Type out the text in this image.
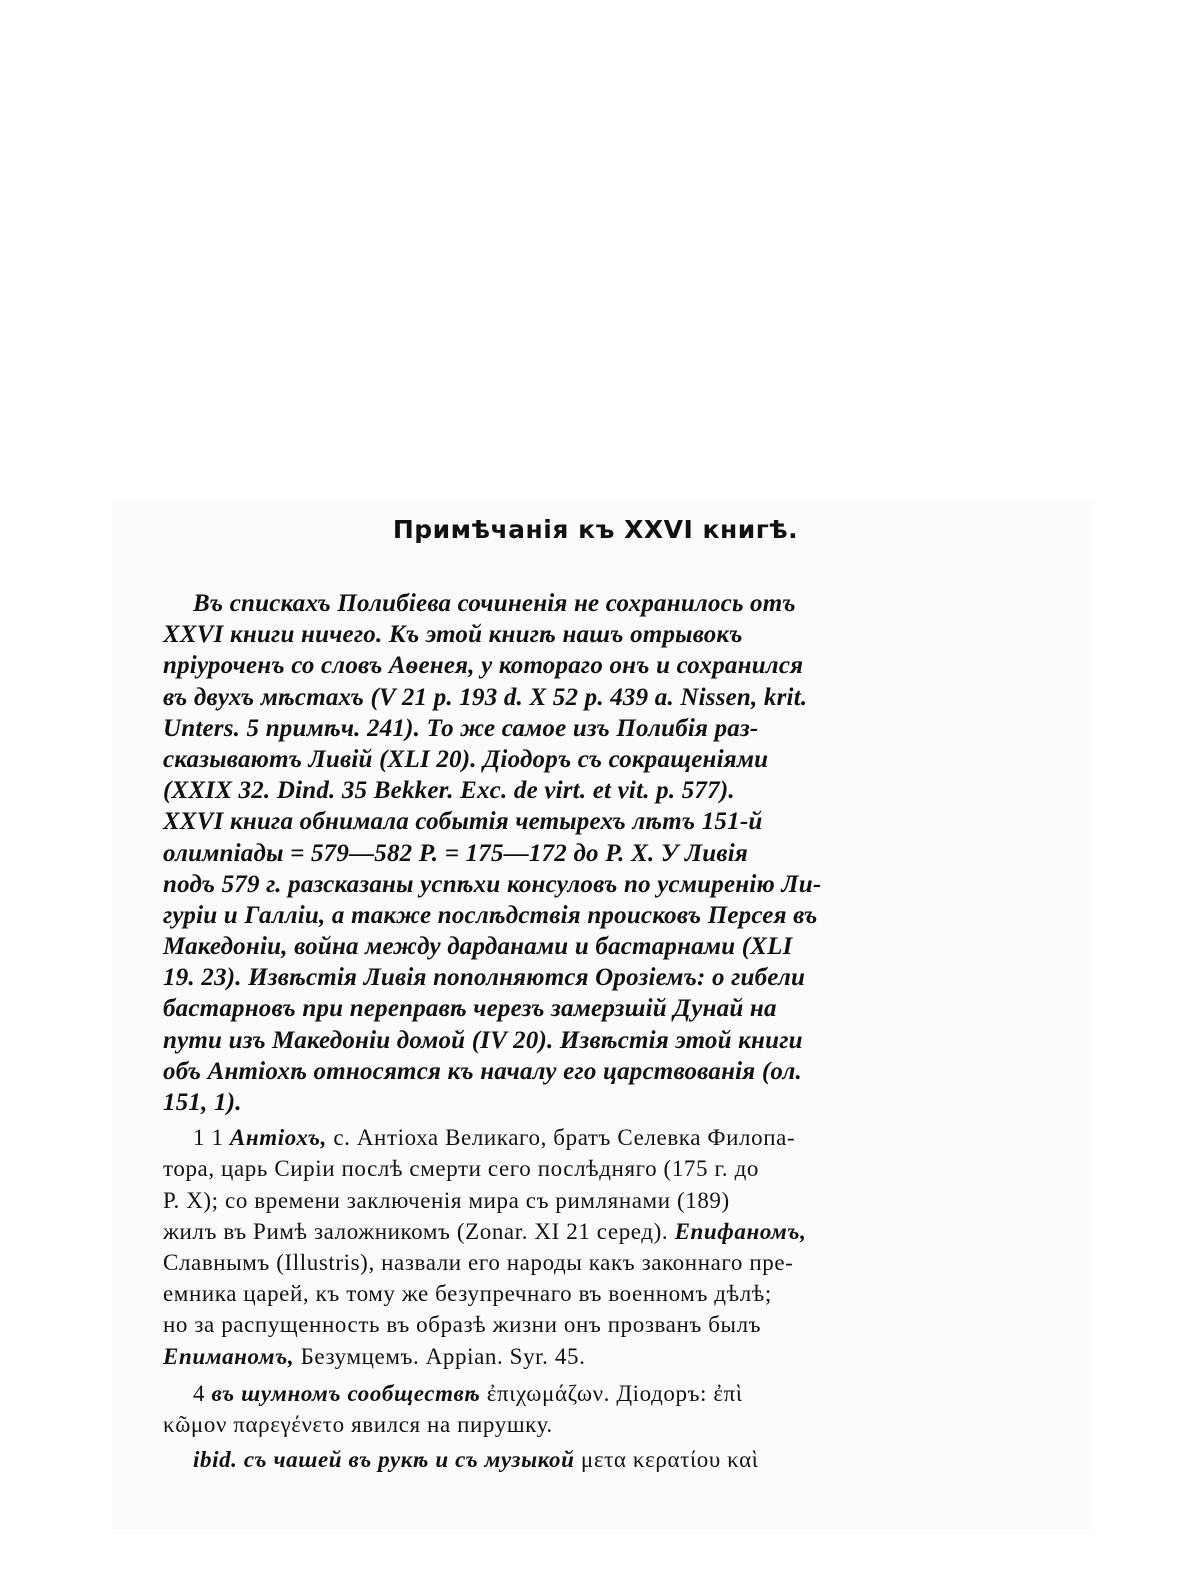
Примѣчанія къ XXVI книгѣ.
Въ спискахъ Полибіева сочиненія не сохранилось отъ
XXVI книги ничего. Къ этой книгѣ нашъ отрывокъ
пріуроченъ со словъ Аѳенея, у котораго онъ и сохранился
въ двухъ мѣстахъ (V 21 p. 193 d. X 52 p. 439 a. Nissen, krit.
Unters. 5 примѣч. 241). То же самое изъ Полибія раз-
сказываютъ Ливій (XLI 20). Діодоръ съ сокращеніями
(XXIX 32. Dind. 35 Bekker. Exc. de virt. et vit. p. 577).
XXVI книга обнимала событія четырехъ лѣтъ 151-й
олимпіады = 579—582 Р. = 175—172 до Р. Х. У Ливія
подъ 579 г. разсказаны успѣхи консуловъ по усмиренію Ли-
гуріи и Галліи, а также послѣдствія происковъ Персея въ
Македоніи, война между дарданами и бастарнами (XLI
19. 23). Извѣстія Ливія пополняются Орозіемъ: о гибели
бастарновъ при переправѣ черезъ замерзшій Дунай на
пути изъ Македоніи домой (IV 20). Извѣстія этой книги
объ Антіохѣ относятся къ началу его царствованія (ол.
151, 1).
1 1 Антіохъ, с. Антіоха Великаго, братъ Селевка Филопа-
тора, царь Сиріи послѣ смерти сего послѣдняго (175 г. до
Р. Х); со времени заключенія мира съ римлянами (189)
жилъ въ Римѣ заложникомъ (Zonar. XI 21 серед). Епифаномъ,
Славнымъ (Illustris), назвали его народы какъ законнаго пре-
емника царей, къ тому же безупречнаго въ военномъ дѣлѣ;
но за распущенность въ образѣ жизни онъ прозванъ былъ
Епиманомъ, Безумцемъ. Appian. Syr. 45.
4 въ шумномъ сообществѣ ἐπιχωμάζων. Діодоръ: ἐπὶ
κῶμον παρεγένετο явился на пирушку.
ibid. съ чашей въ рукѣ и съ музыкой μετα κερατίου καὶ
